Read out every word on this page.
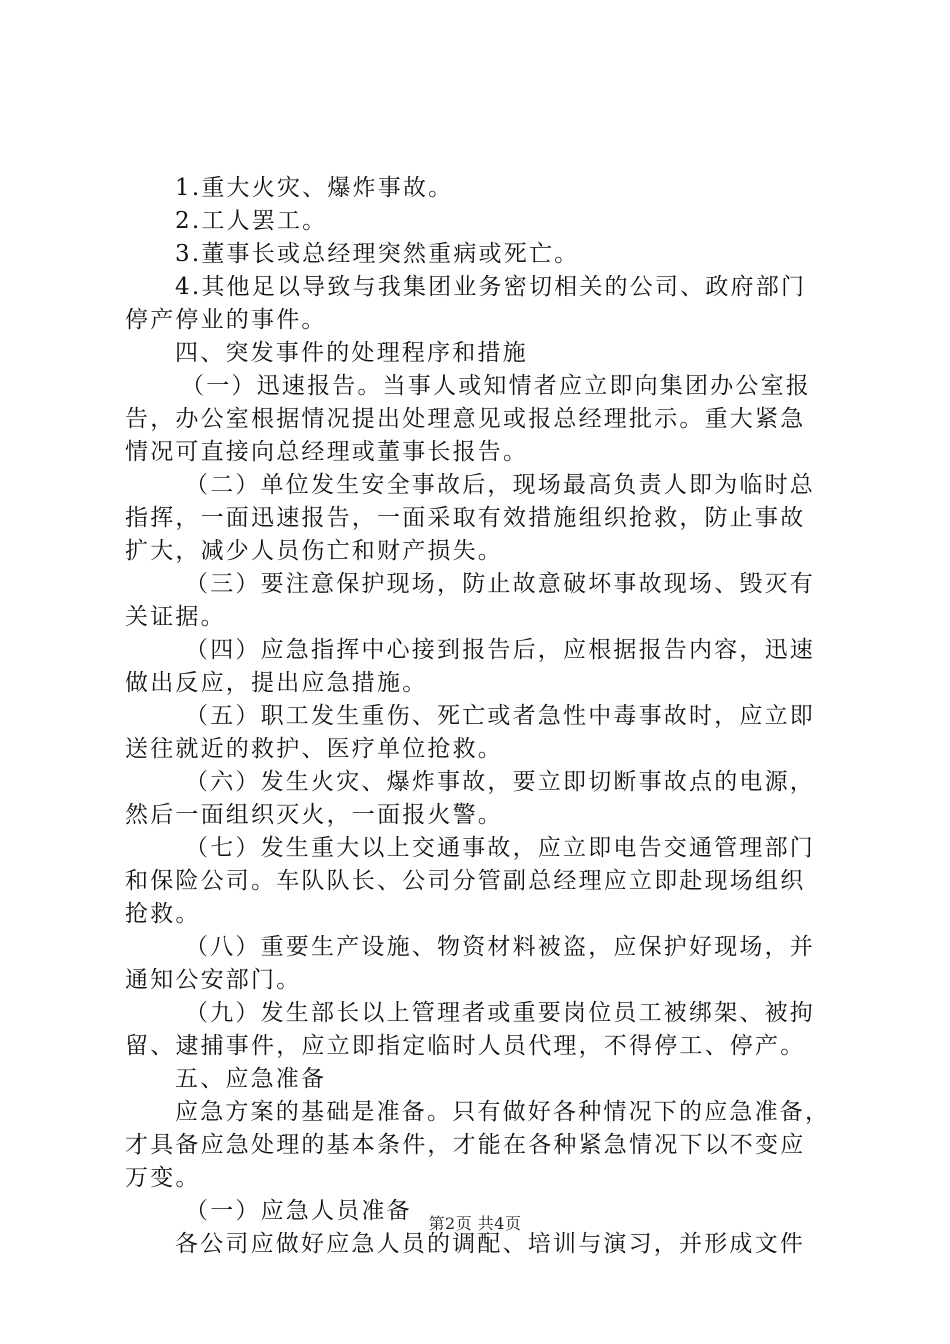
1.重大火灾、爆炸事故。
2.工人罢工。
3.董事长或总经理突然重病或死亡。
4.其他足以导致与我集团业务密切相关的公司、政府部门
停产停业的事件。
四、突发事件的处理程序和措施
（一）迅速报告。当事人或知情者应立即向集团办公室报
告，办公室根据情况提出处理意见或报总经理批示。重大紧急
情况可直接向总经理或董事长报告。
（二）单位发生安全事故后，现场最高负责人即为临时总
指挥，一面迅速报告，一面采取有效措施组织抢救，防止事故
扩大，减少人员伤亡和财产损失。
（三）要注意保护现场，防止故意破坏事故现场、毁灭有
关证据。
（四）应急指挥中心接到报告后，应根据报告内容，迅速
做出反应，提出应急措施。
（五）职工发生重伤、死亡或者急性中毒事故时，应立即
送往就近的救护、医疗单位抢救。
（六）发生火灾、爆炸事故，要立即切断事故点的电源，
然后一面组织灭火，一面报火警。
（七）发生重大以上交通事故，应立即电告交通管理部门
和保险公司。车队队长、公司分管副总经理应立即赴现场组织
抢救。
（八）重要生产设施、物资材料被盗，应保护好现场，并
通知公安部门。
（九）发生部长以上管理者或重要岗位员工被绑架、被拘
留、逮捕事件，应立即指定临时人员代理，不得停工、停产。
五、应急准备
应急方案的基础是准备。只有做好各种情况下的应急准备，
才具备应急处理的基本条件，才能在各种紧急情况下以不变应
万变。
（一）应急人员准备
各公司应做好应急人员的调配、培训与演习，并形成文件
第2页 共4页
